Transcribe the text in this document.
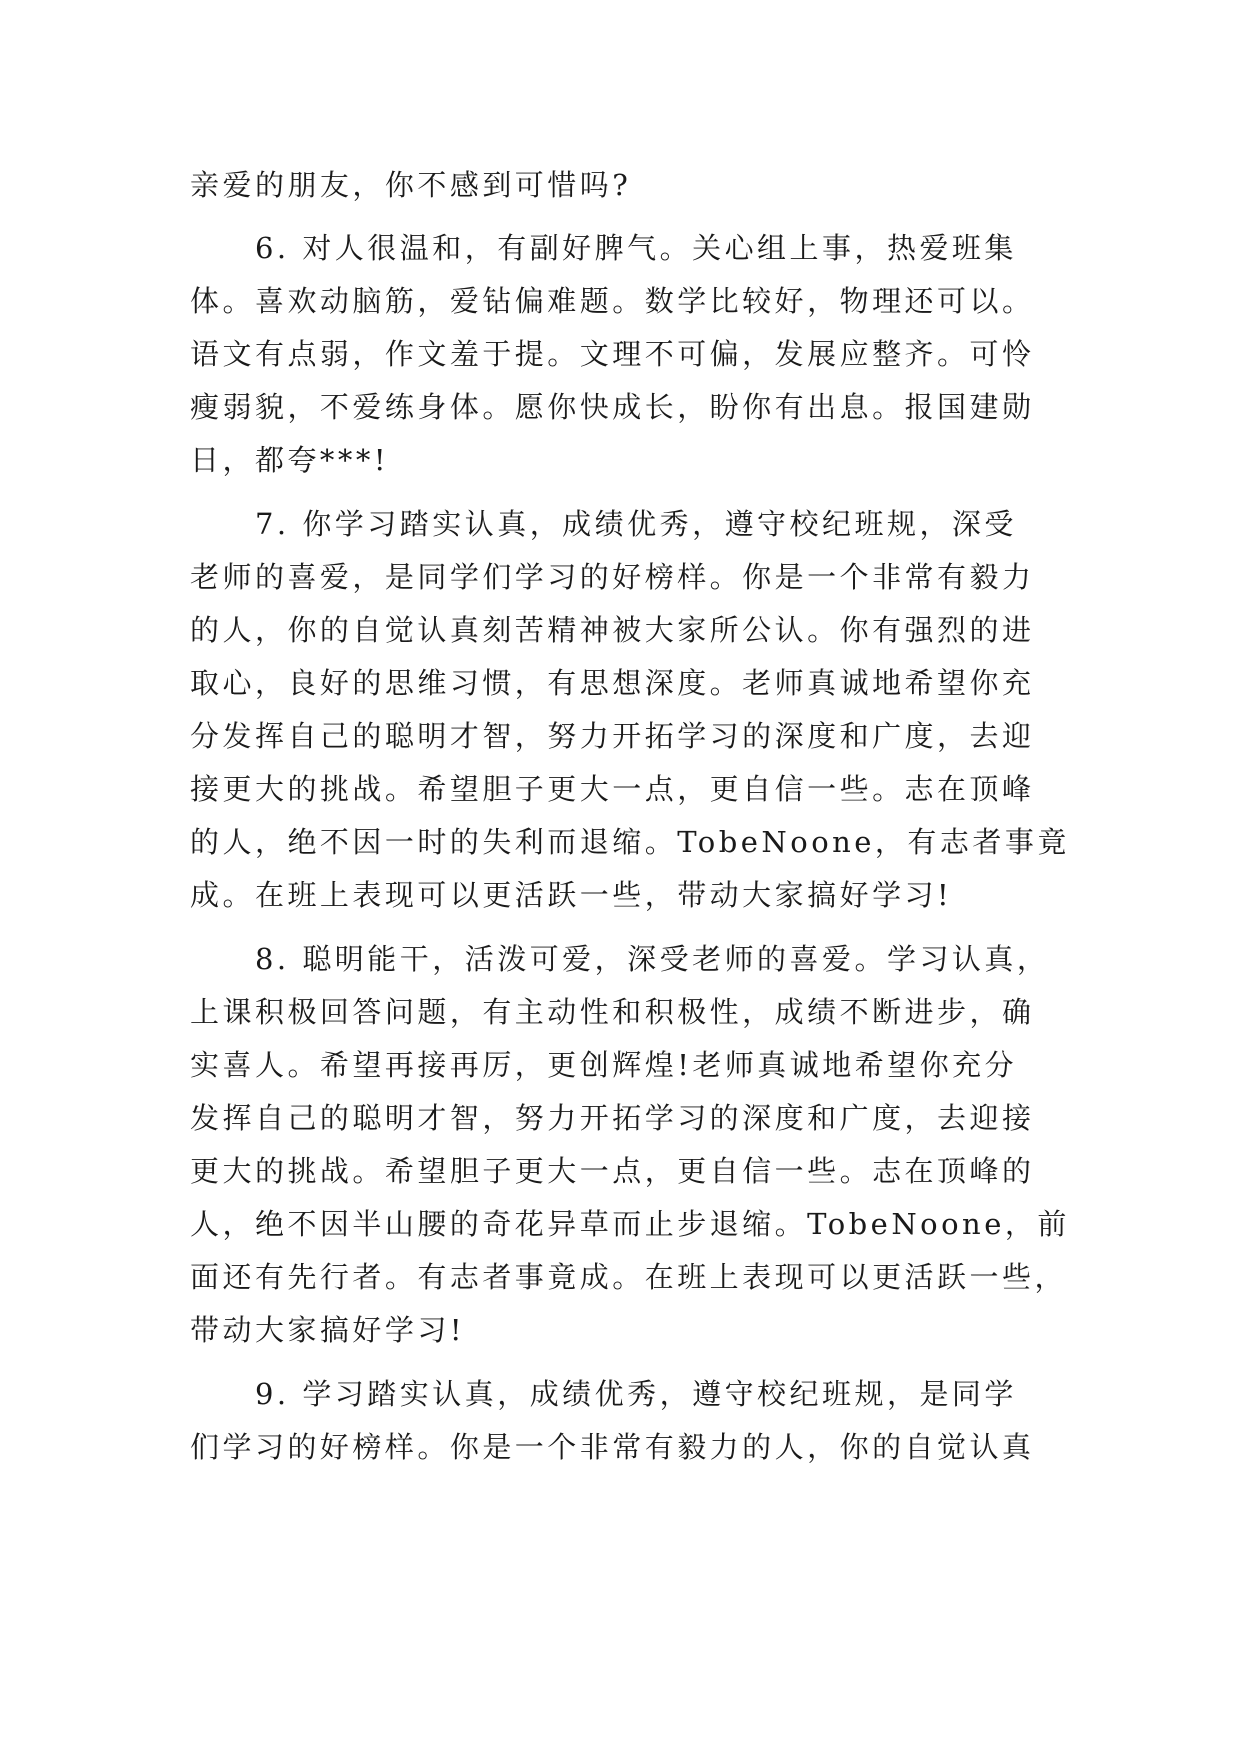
亲爱的朋友，你不感到可惜吗?
6. 对人很温和，有副好脾气。关心组上事，热爱班集
体。喜欢动脑筋，爱钻偏难题。数学比较好，物理还可以。
语文有点弱，作文羞于提。文理不可偏，发展应整齐。可怜
瘦弱貌，不爱练身体。愿你快成长，盼你有出息。报国建勋
日，都夸***!
7. 你学习踏实认真，成绩优秀，遵守校纪班规，深受
老师的喜爱，是同学们学习的好榜样。你是一个非常有毅力
的人，你的自觉认真刻苦精神被大家所公认。你有强烈的进
取心，良好的思维习惯，有思想深度。老师真诚地希望你充
分发挥自己的聪明才智，努力开拓学习的深度和广度，去迎
接更大的挑战。希望胆子更大一点，更自信一些。志在顶峰
的人，绝不因一时的失利而退缩。TobeNoone，有志者事竟
成。在班上表现可以更活跃一些，带动大家搞好学习!
8. 聪明能干，活泼可爱，深受老师的喜爱。学习认真，
上课积极回答问题，有主动性和积极性，成绩不断进步，确
实喜人。希望再接再厉，更创辉煌!老师真诚地希望你充分
发挥自己的聪明才智，努力开拓学习的深度和广度，去迎接
更大的挑战。希望胆子更大一点，更自信一些。志在顶峰的
人，绝不因半山腰的奇花异草而止步退缩。TobeNoone，前
面还有先行者。有志者事竟成。在班上表现可以更活跃一些，
带动大家搞好学习!
9. 学习踏实认真，成绩优秀，遵守校纪班规，是同学
们学习的好榜样。你是一个非常有毅力的人，你的自觉认真
